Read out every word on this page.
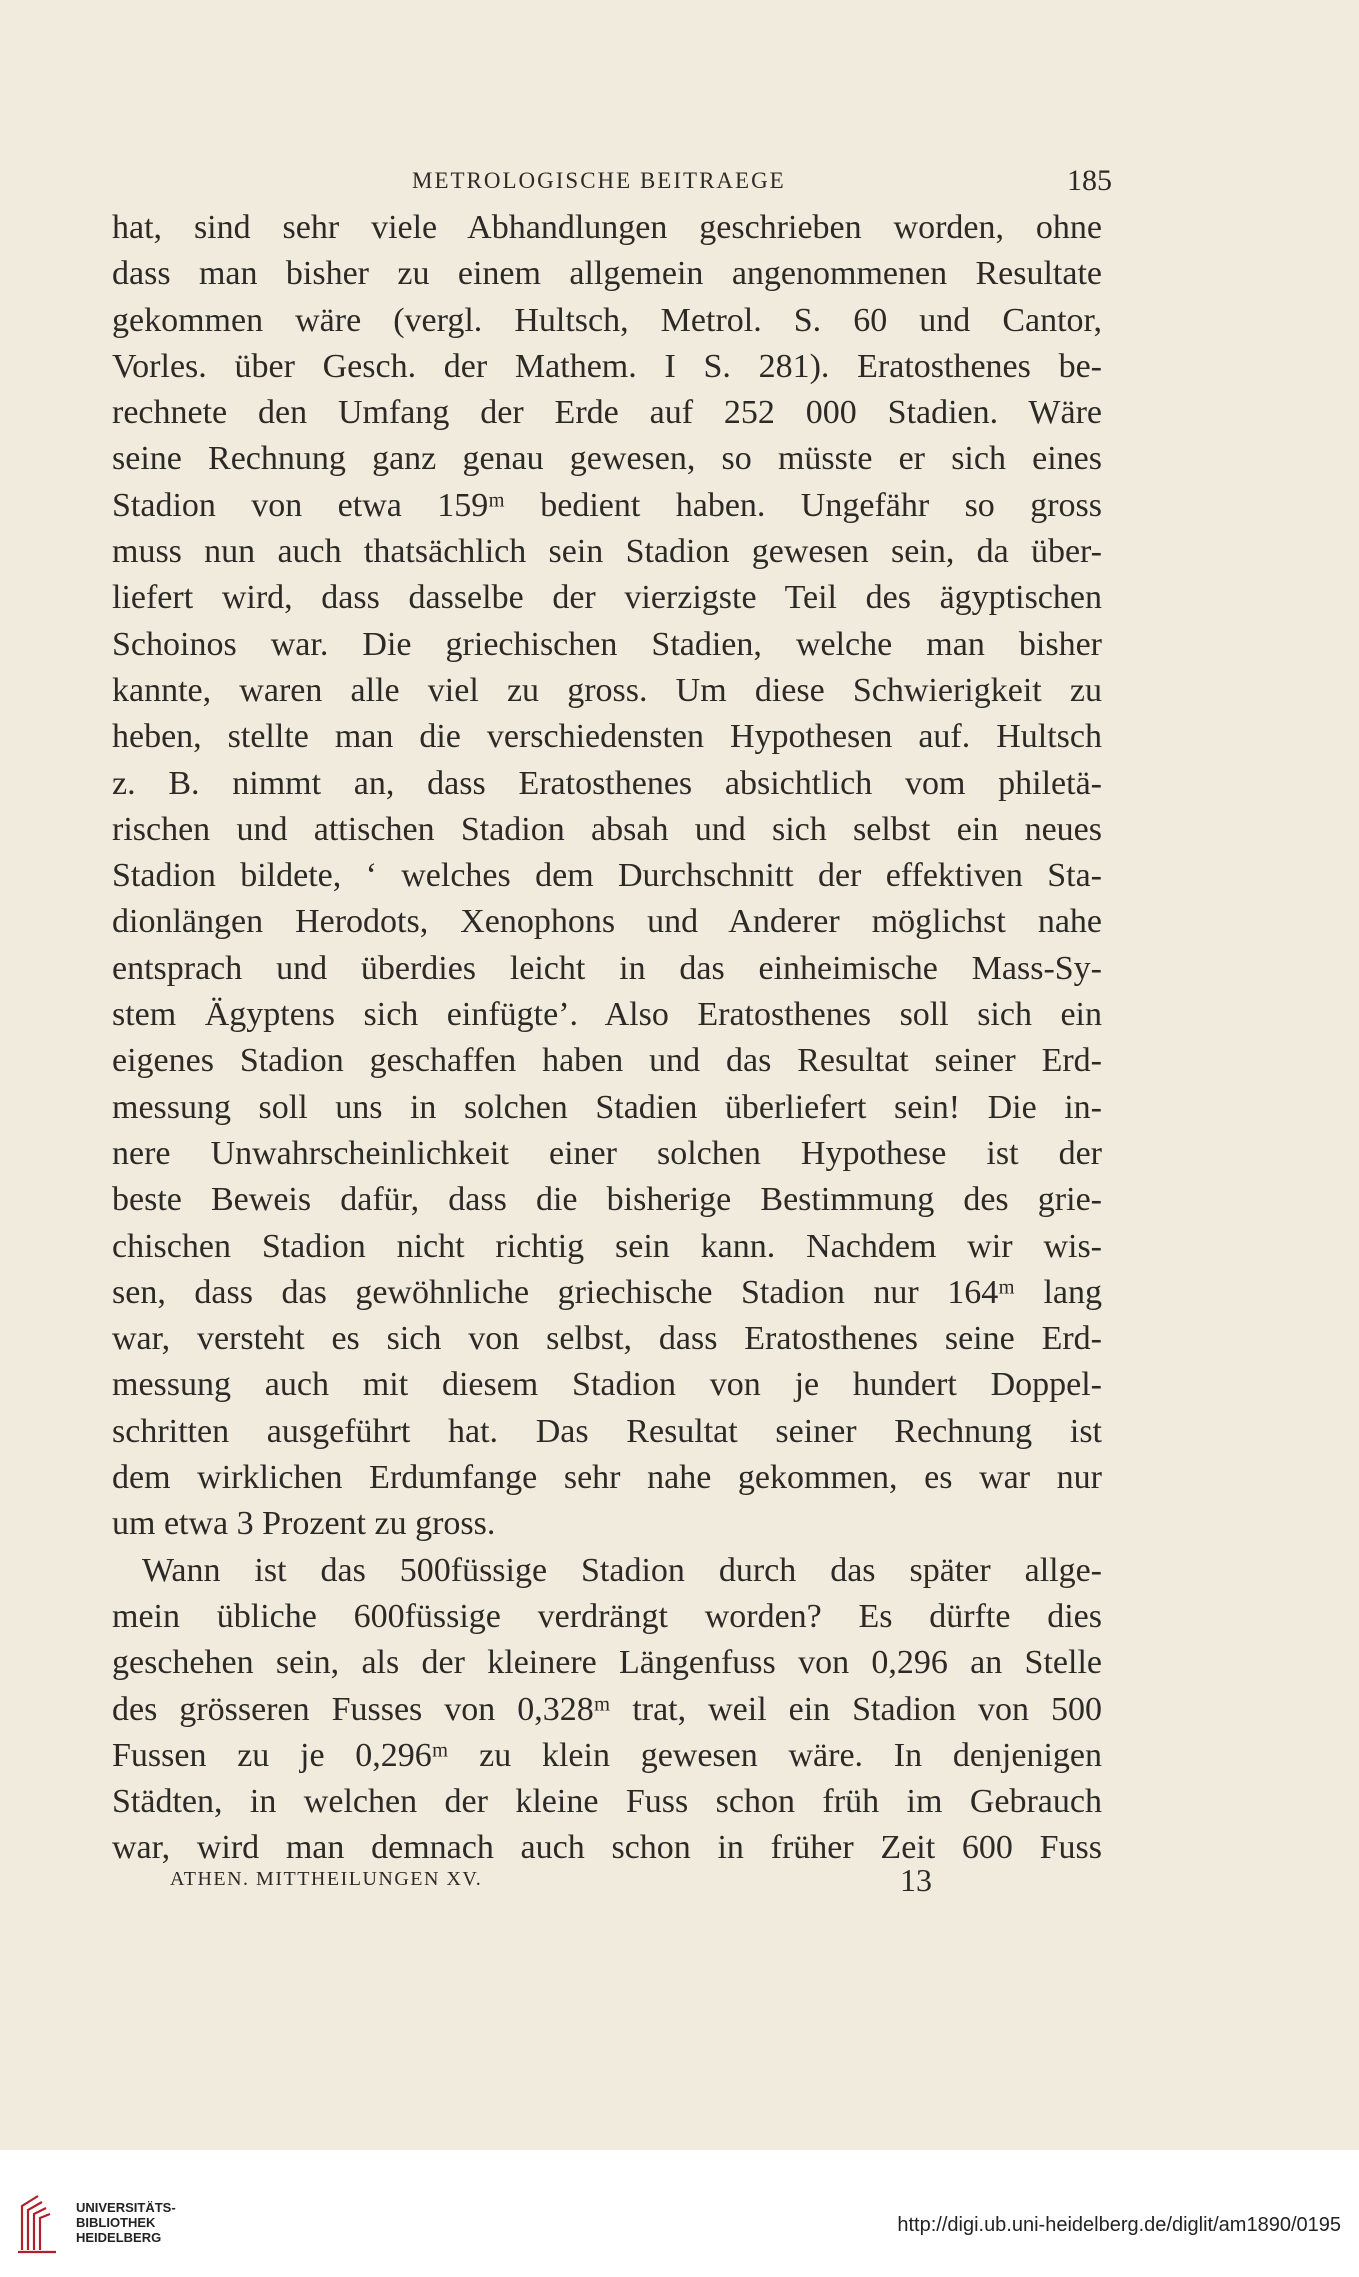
METROLOGISCHE BEITRAEGE	185
hat, sind sehr viele Abhandlungen geschrieben worden, ohne
dass man bisher zu einem allgemein angenommenen Resultate
gekommen wäre (vergl. Hultsch, Metrol. S. 60 und Cantor,
Vorles. über Gesch. der Mathem. I S. 281). Eratosthenes be-
rechnete den Umfang der Erde auf 252 000 Stadien. Wäre
seine Rechnung ganz genau gewesen, so müsste er sich eines
Stadion von etwa 159ᵐ bedient haben. Ungefähr so gross
muss nun auch thatsächlich sein Stadion gewesen sein, da über-
liefert wird, dass dasselbe der vierzigste Teil des ägyptischen
Schoinos war. Die griechischen Stadien, welche man bisher
kannte, waren alle viel zu gross. Um diese Schwierigkeit zu
heben, stellte man die verschiedensten Hypothesen auf. Hultsch
z. B. nimmt an, dass Eratosthenes absichtlich vom philetä-
rischen und attischen Stadion absah und sich selbst ein neues
Stadion bildete, ‘ welches dem Durchschnitt der effektiven Sta-
dionlängen Herodots, Xenophons und Anderer möglichst nahe
entsprach und überdies leicht in das einheimische Mass-Sy-
stem Ägyptens sich einfügte’. Also Eratosthenes soll sich ein
eigenes Stadion geschaffen haben und das Resultat seiner Erd-
messung soll uns in solchen Stadien überliefert sein! Die in-
nere Unwahrscheinlichkeit einer solchen Hypothese ist der
beste Beweis dafür, dass die bisherige Bestimmung des grie-
chischen Stadion nicht richtig sein kann. Nachdem wir wis-
sen, dass das gewöhnliche griechische Stadion nur 164ᵐ lang
war, versteht es sich von selbst, dass Eratosthenes seine Erd-
messung auch mit diesem Stadion von je hundert Doppel-
schritten ausgeführt hat. Das Resultat seiner Rechnung ist
dem wirklichen Erdumfange sehr nahe gekommen, es war nur
um etwa 3 Prozent zu gross.
Wann ist das 500füssige Stadion durch das später allge-
mein übliche 600füssige verdrängt worden? Es dürfte dies
geschehen sein, als der kleinere Längenfuss von 0,296 an Stelle
des grösseren Fusses von 0,328ᵐ trat, weil ein Stadion von 500
Fussen zu je 0,296ᵐ zu klein gewesen wäre. In denjenigen
Städten, in welchen der kleine Fuss schon früh im Gebrauch
war, wird man demnach auch schon in früher Zeit 600 Fuss
ATHEN. MITTHEILUNGEN XV.	13
UNIVERSITÄTS-
BIBLIOTHEK
HEIDELBERG
http://digi.ub.uni-heidelberg.de/diglit/am1890/0195
